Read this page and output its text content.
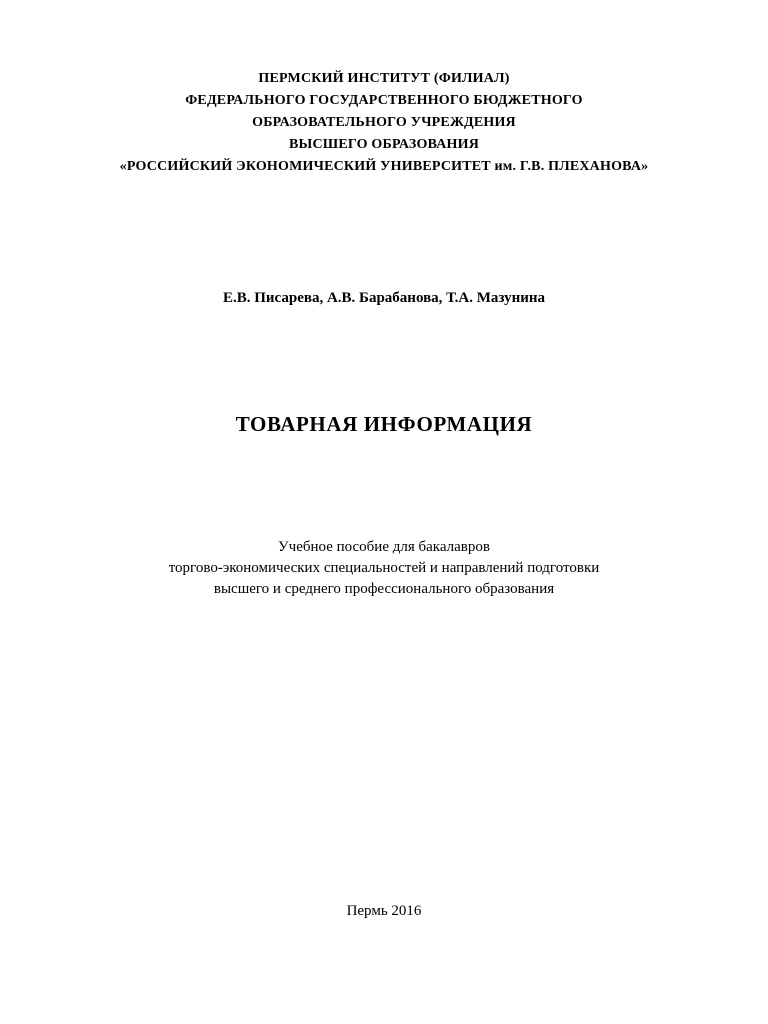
ПЕРМСКИЙ ИНСТИТУТ (ФИЛИАЛ)
ФЕДЕРАЛЬНОГО ГОСУДАРСТВЕННОГО БЮДЖЕТНОГО
ОБРАЗОВАТЕЛЬНОГО УЧРЕЖДЕНИЯ
ВЫСШЕГО ОБРАЗОВАНИЯ
«РОССИЙСКИЙ ЭКОНОМИЧЕСКИЙ УНИВЕРСИТЕТ им. Г.В. ПЛЕХАНОВА»
Е.В. Писарева, А.В. Барабанова, Т.А. Мазунина
ТОВАРНАЯ ИНФОРМАЦИЯ
Учебное пособие для бакалавров
торгово-экономических специальностей и направлений подготовки
высшего и среднего профессионального образования
Пермь 2016
